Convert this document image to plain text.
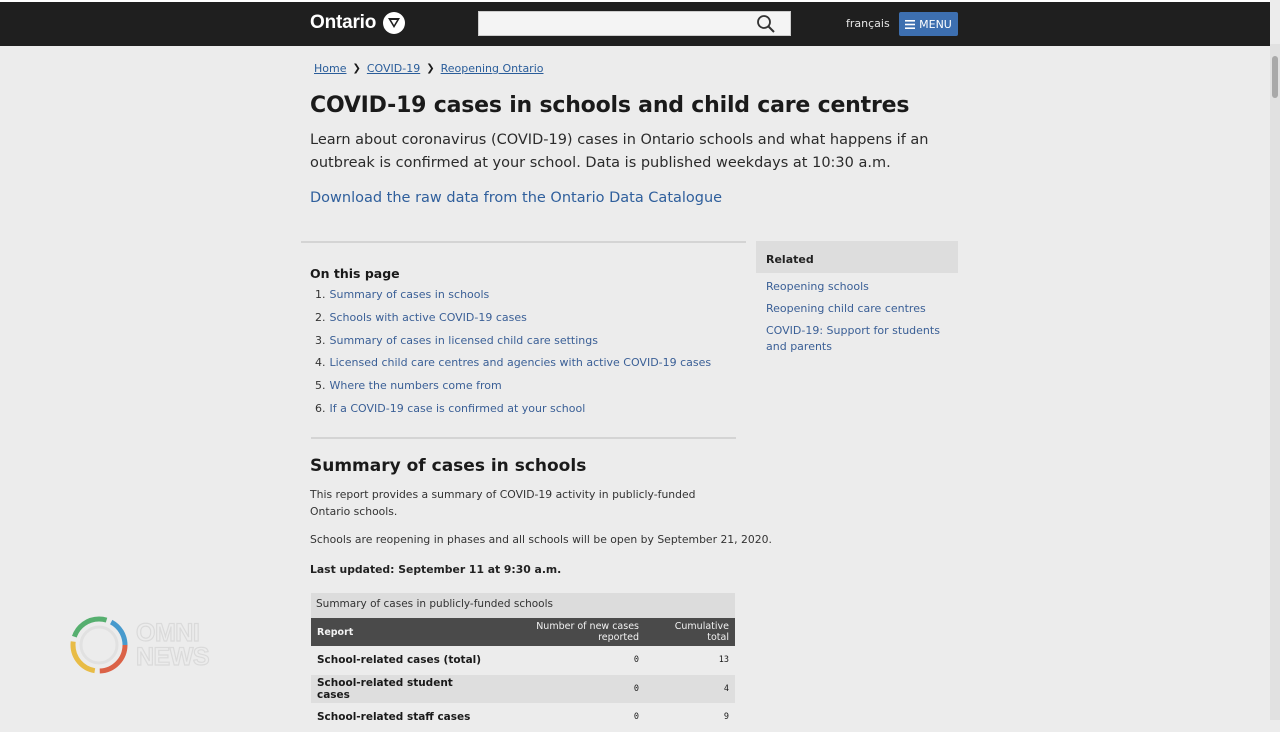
Ontario	français	MENU
Home ❯ COVID-19 ❯ Reopening Ontario
COVID-19 cases in schools and child care centres

Learn about coronavirus (COVID-19) cases in Ontario schools and what happens if an outbreak is confirmed at your school. Data is published weekdays at 10:30 a.m.

Download the raw data from the Ontario Data Catalogue
On this page
1. Summary of cases in schools
2. Schools with active COVID-19 cases
3. Summary of cases in licensed child care settings
4. Licensed child care centres and agencies with active COVID-19 cases
5. Where the numbers come from
6. If a COVID-19 case is confirmed at your school
Related
Reopening schools
Reopening child care centres
COVID-19: Support for students and parents
Summary of cases in schools

This report provides a summary of COVID-19 activity in publicly-funded Ontario schools.

Schools are reopening in phases and all schools will be open by September 21, 2020.

Last updated: September 11 at 9:30 a.m.

Summary of cases in publicly-funded schools
Report	Number of new cases reported	Cumulative total
School-related cases (total)	0	13
School-related student cases	0	4
School-related staff cases	0	9
OMNI
NEWS
